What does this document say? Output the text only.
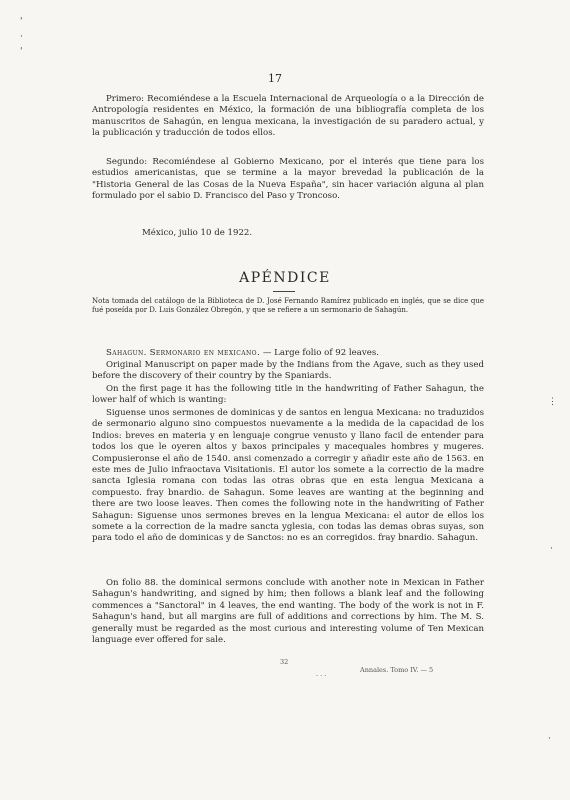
'
·
'
⋮
·
·
17

Primero: Recomiéndese a la Escuela Internacional de Arqueología o a la Dirección de Antropología residentes en México, la formación de una bibliografía completa de los manuscritos de Sahagún, en lengua mexicana, la investigación de su paradero actual, y la publicación y traducción de todos ellos.

Segundo: Recomiéndese al Gobierno Mexicano, por el interés que tiene para los estudios americanistas, que se termine a la mayor brevedad la publicación de la "Historia General de las Cosas de la Nueva España", sin hacer variación alguna al plan formulado por el sabio D. Francisco del Paso y Troncoso.

México, julio 10 de 1922.
APÉNDICE

Nota tomada del catálogo de la Biblioteca de D. José Fernando Ramírez publicado en inglés, que se dice que fué poseída por D. Luis González Obregón, y que se refiere a un sermonario de Sahagún.

Sahagun. Sermonario en mexicano. — Large folio of 92 leaves.

Original Manuscript on paper made by the Indians from the Agave, such as they used before the discovery of their country by the Spaniards.

On the first page it has the following title in the handwriting of Father Sahagun, the lower half of which is wanting:

Siguense unos sermones de dominicas y de santos en lengua Mexicana: no traduzidos de sermonario alguno sino compuestos nuevamente a la medida de la capacidad de los Indios: breves en materia y en lenguaje congrue venusto y llano facil de entender para todos los que le oyeren altos y baxos principales y macequales hombres y mugeres. Compusieronse el año de 1540. ansi comenzado a corregir y añadir este año de 1563. en este mes de Julio infraoctava Visitationis. El autor los somete a la correctio de la madre sancta Iglesia romana con todas las otras obras que en esta lengua Mexicana a compuesto. fray bnardio. de Sahagun. Some leaves are wanting at the beginning and there are two loose leaves. Then comes the following note in the handwriting of Father Sahagun: Siguense unos sermones breves en la lengua Mexicana: el autor de ellos los somete a la correction de la madre sancta yglesia, con todas las demas obras suyas, son para todo el año de dominicas y de Sanctos: no es an corregidos. fray bnardio. Sahagun.

On folio 88. the dominical sermons conclude with another note in Mexican in Father Sahagun's handwriting, and signed by him; then follows a blank leaf and the following commences a "Sanctoral" in 4 leaves, the end wanting. The body of the work is not in F. Sahagun's hand, but all margins are full of additions and corrections by him. The M. S. generally must be regarded as the most curious and interesting volume of Ten Mexican language ever offered for sale.

32
· · ·
Annales. Tomo IV. — 5
